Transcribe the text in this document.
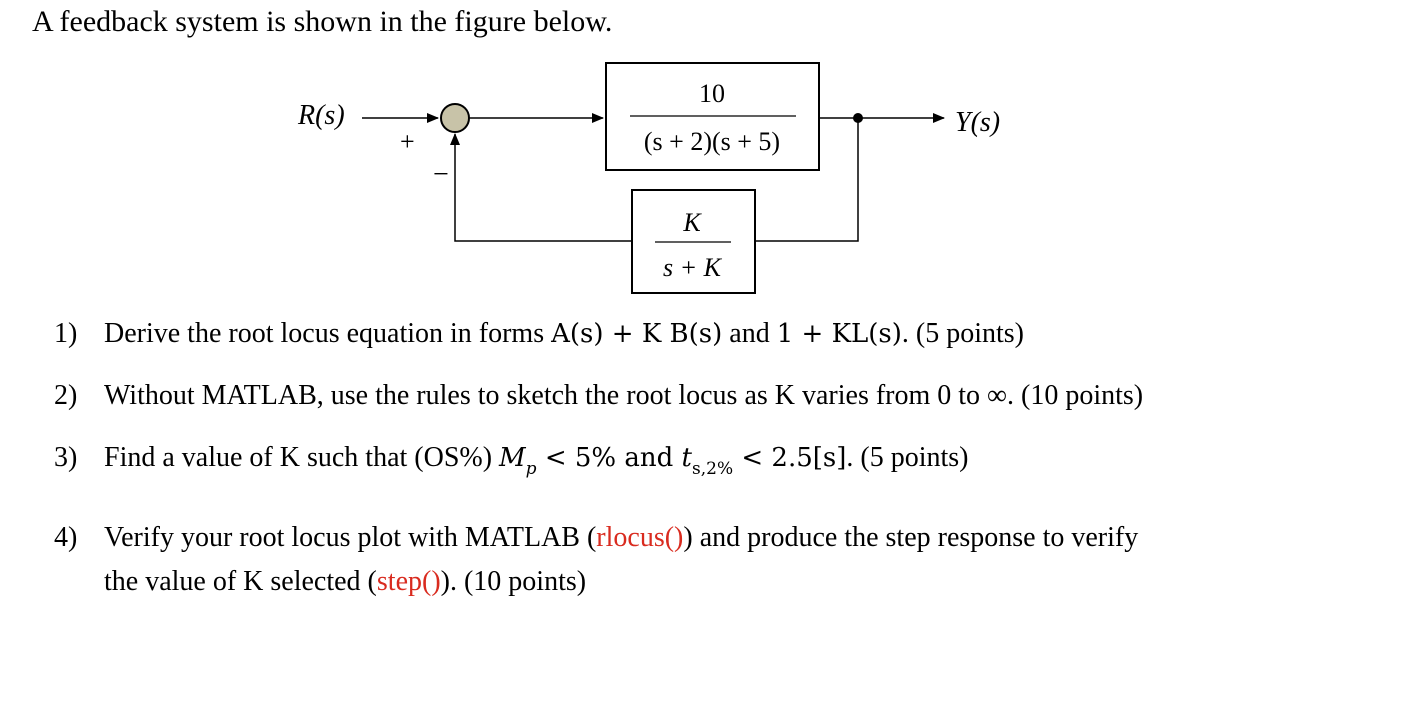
A feedback system is shown in the figure below.
R(s)
+
−
10
(s + 2)(s + 5)
Y(s)
K
s + K
1) Derive the root locus equation in forms A(s) + K B(s) and 1 + KL(s). (5 points)
2) Without MATLAB, use the rules to sketch the root locus as K varies from 0 to ∞. (10 points)
3) Find a value of K such that (OS%) $M_p < 5\%$ and $t_{s,2\%} < 2.5[s]$. (5 points)
4) Verify your root locus plot with MATLAB (rlocus()) and produce the step response to verify
the value of K selected (step()). (10 points)
